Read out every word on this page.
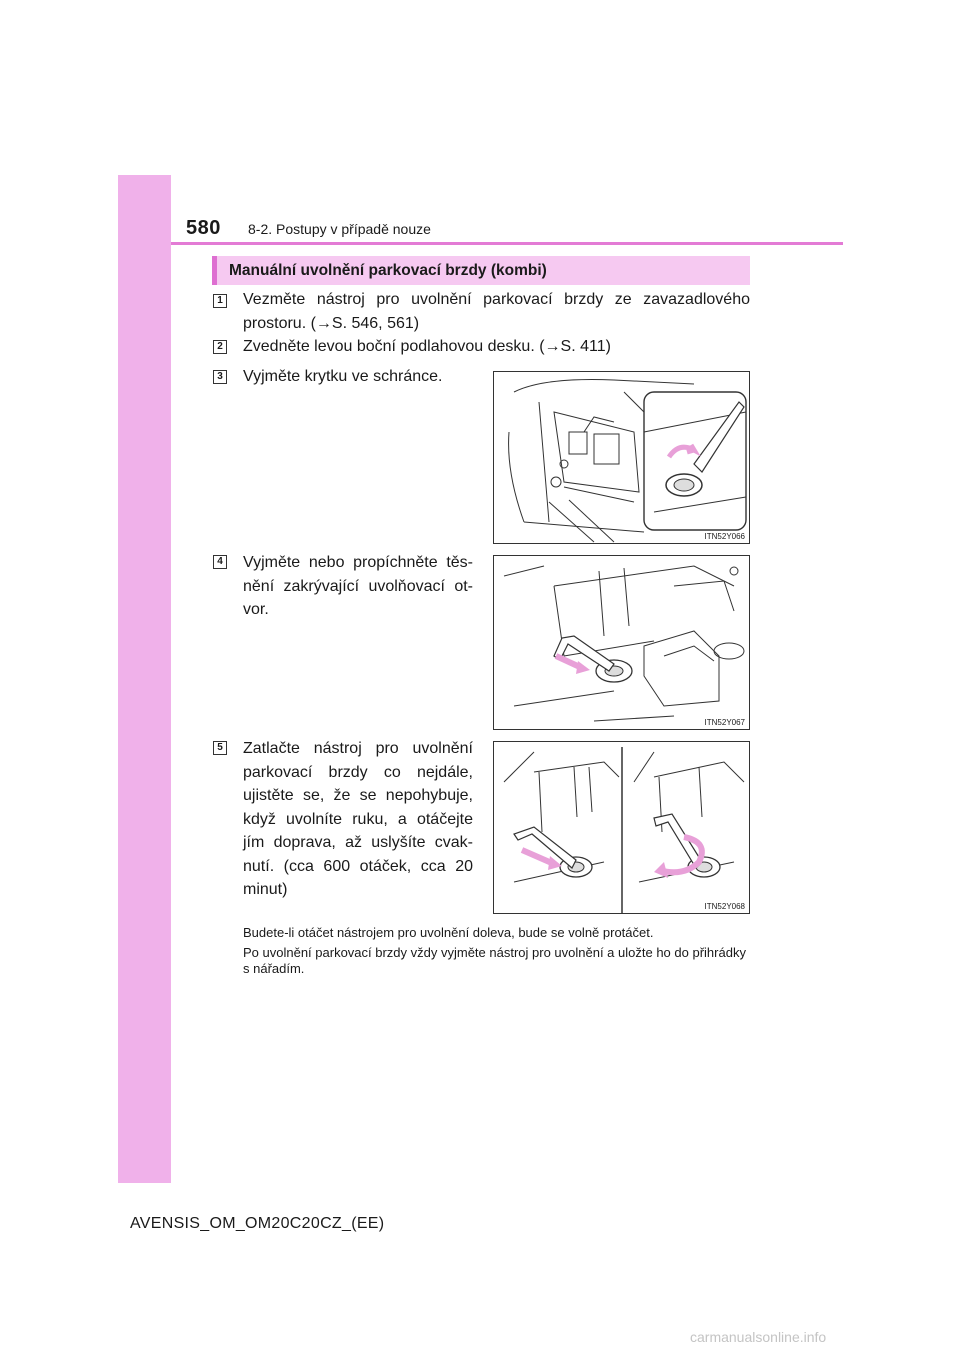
580 8-2. Postupy v případě nouze
Manuální uvolnění parkovací brzdy (kombi)
1 Vezměte nástroj pro uvolnění parkovací brzdy ze zavazadlového prostoru. (→S. 546, 561)
2 Zvedněte levou boční podlahovou desku. (→S. 411)
3 Vyjměte krytku ve schránce.
ITN52Y066
4 Vyjměte nebo propíchněte těs-nění zakrývající uvolňovací ot-vor.
ITN52Y067
5 Zatlačte nástroj pro uvolnění parkovací brzdy co nejdále, ujistěte se, že se nepohybuje, když uvolníte ruku, a otáčejte jím doprava, až uslyšíte cvak-nutí. (cca 600 otáček, cca 20 minut)
ITN52Y068
Budete-li otáčet nástrojem pro uvolnění doleva, bude se volně protáčet.
Po uvolnění parkovací brzdy vždy vyjměte nástroj pro uvolnění a uložte ho do přihrádky s nářadím.
AVENSIS_OM_OM20C20CZ_(EE)
carmanualsonline.info
